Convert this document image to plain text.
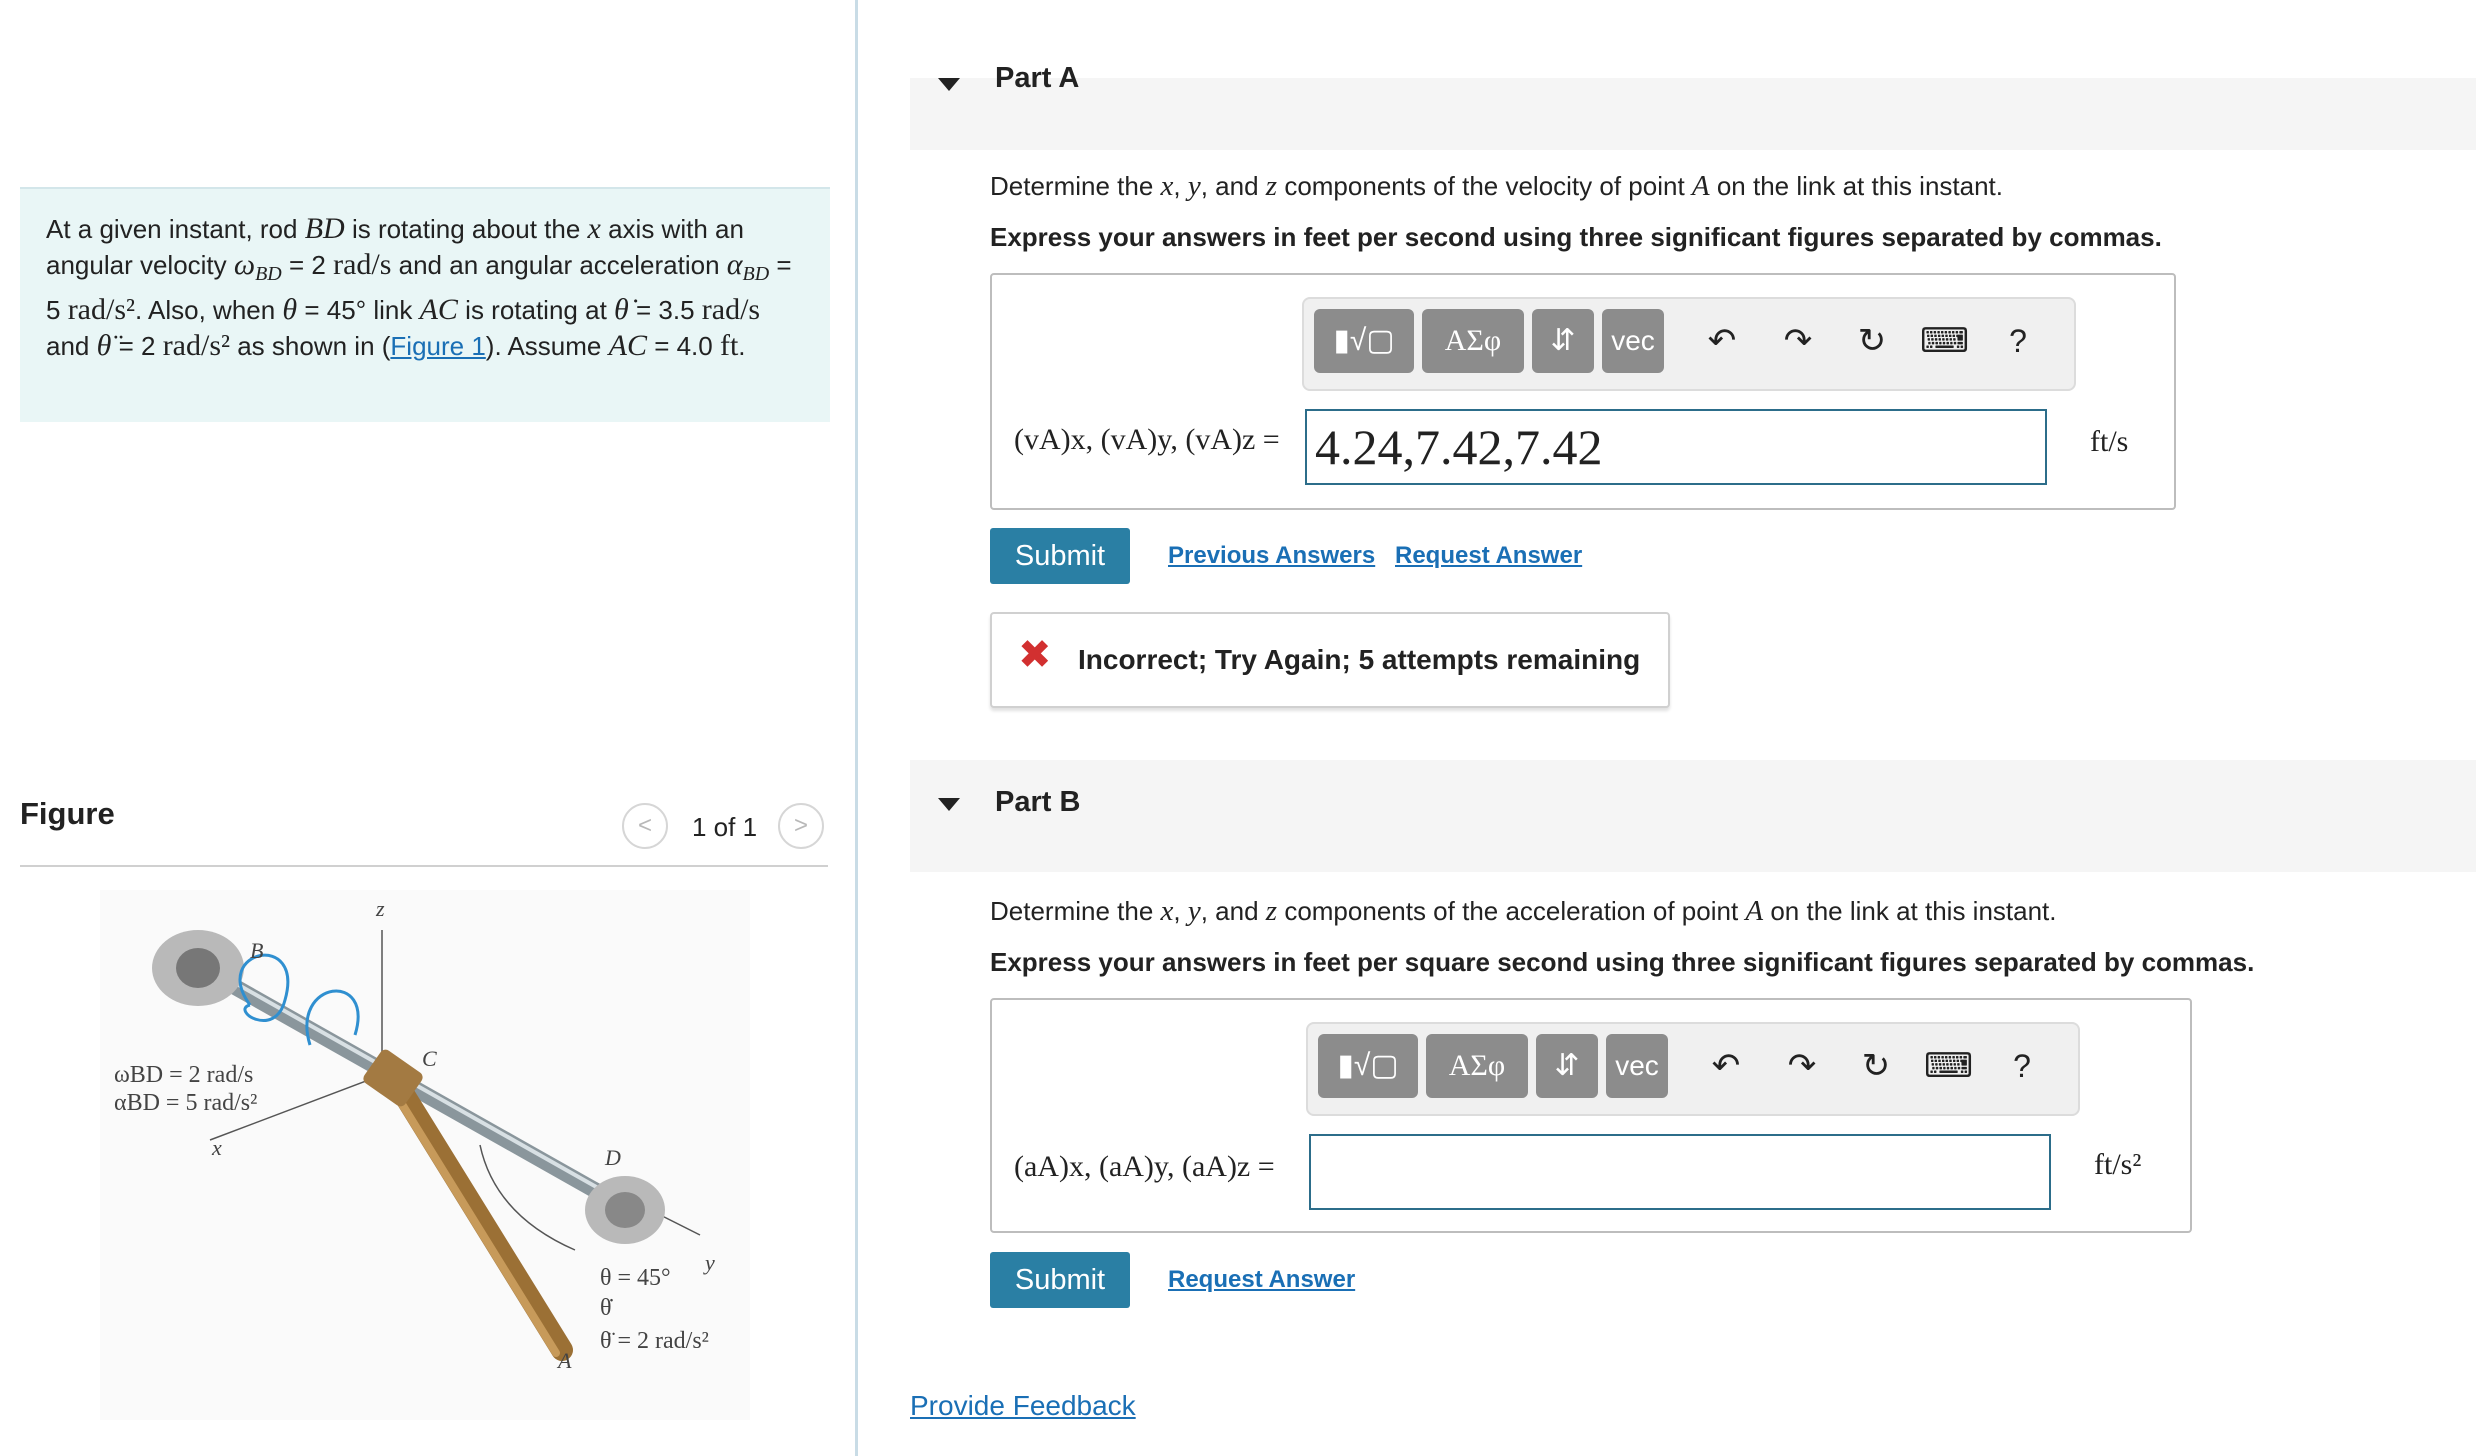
At a given instant, rod BD is rotating about the x axis with an angular velocity $\omega_{BD} = 2$ rad/s and an angular acceleration $\alpha_{BD} = 5$ rad/s². Also, when θ = 45° link AC is rotating at θ̇ = 3.5 rad/s and θ̈ = 2 rad/s² as shown in (Figure 1). Assume AC = 4.0 ft.
Figure	<	1 of 1	>
z
B
C
D
A
x
y
ωBD = 2 rad/s
αBD = 5 rad/s²
θ = 45°
θ̇
θ̈ = 2 rad/s²
Part A
Determine the x, y, and z components of the velocity of point A on the link at this instant.
Express your answers in feet per second using three significant figures separated by commas.
▮√▢	ΑΣφ	⇵	vec ↶ ↷ ↻ ⌨	?
(vA)x, (vA)y, (vA)z =
4.24,7.42,7.42	ft/s
Submit	Previous Answers Request Answer
✖ Incorrect; Try Again; 5 attempts remaining
Part B
Determine the x, y, and z components of the acceleration of point A on the link at this instant.
Express your answers in feet per square second using three significant figures separated by commas.
▮√▢	ΑΣφ	⇵	vec ↶ ↷ ↻ ⌨	?
(aA)x, (aA)y, (aA)z =	ft/s²
Submit	Request Answer
Provide Feedback
